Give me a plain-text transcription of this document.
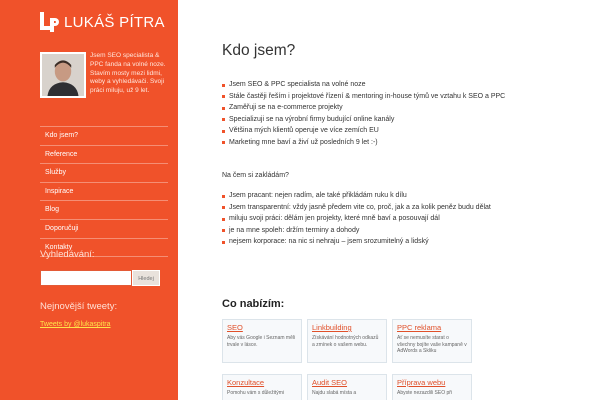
LUKÁŠ PÍTRA
Jsem SEO specialista & PPC fanda na volné noze. Stavím mosty mezi lidmi, weby a vyhledávači. Svoji práci miluju, už 9 let.
Kdo jsem?
Reference
Služby
Inspirace
Blog
Doporučuji
Kontakty
Vyhledávání:
Hledej
Nejnovější tweety:
Tweets by @lukaspitra
Kdo jsem?
Jsem SEO & PPC specialista na volné noze
Stále častěji řeším i projektové řízení & mentoring in-house týmů ve vztahu k SEO a PPC
Zaměřuji se na e-commerce projekty
Specializuji se na výrobní firmy budující online kanály
Většina mých klientů operuje ve více zemích EU
Marketing mne baví a živí už posledních 9 let :-)

Na čem si zakládám?

Jsem pracant: nejen radím, ale také přikládám ruku k dílu
Jsem transparentní: vždy jasně předem vite co, proč, jak a za kolik peněz budu dělat
miluju svoji práci: dělám jen projekty, které mně baví a posouvají dál
je na mne spoleh: držím terminy a dohody
nejsem korporace: na nic si nehraju – jsem srozumitelný a lidský
Co nabízím:
SEO
Aby vás Google i Seznam měli trvale v lásce.
Linkbuilding
Získávání hodnotných odkazů a zmínek o vašem webu.
PPC reklama
Ať se nemusíte starat o všechny bojíte vaše kampaně v AdWords a Skliku
Konzultace
Pomohu vám s důležitými
Audit SEO
Najdu slabá místa a
Příprava webu
Abyste nezazdili SEO při
